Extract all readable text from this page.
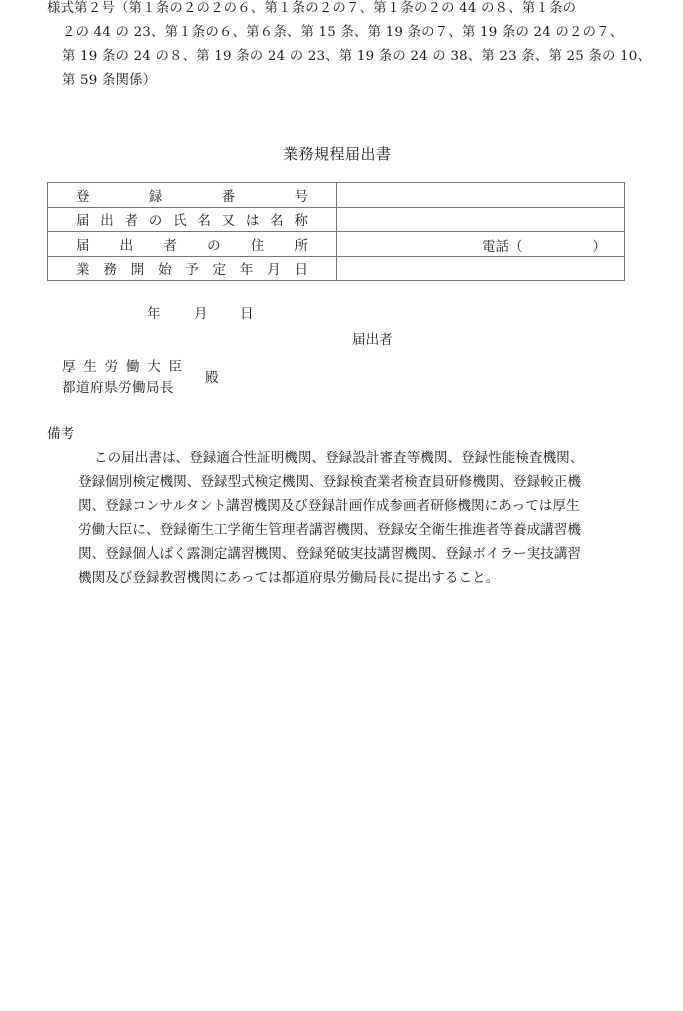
様式第２号（第１条の２の２の６、第１条の２の７、第１条の２の 44 の８、第１条の
２の 44 の 23、第１条の６、第６条、第 15 条、第 19 条の７、第 19 条の 24 の２の７、
第 19 条の 24 の８、第 19 条の 24 の 23、第 19 条の 24 の 38、第 23 条、第 25 条の 10、
第 59 条関係）
業務規程届出書
登 録 番 号	

届 出 者 の 氏 名 又 は 名 称

届 出 者 の 住 所	電話（	）

業 務 開 始 予 定 年 月 日

年 月 日
届出者
厚 生 労 働 大 臣
都道府県労働局長
殿
備考
この届出書は、登録適合性証明機関、登録設計審査等機関、登録性能検査機関、
登録個別検定機関、登録型式検定機関、登録検査業者検査員研修機関、登録較正機
関、登録コンサルタント講習機関及び登録計画作成参画者研修機関にあっては厚生
労働大臣に、登録衛生工学衛生管理者講習機関、登録安全衛生推進者等養成講習機
関、登録個人ばく露測定講習機関、登録発破実技講習機関、登録ボイラー実技講習
機関及び登録教習機関にあっては都道府県労働局長に提出すること。
